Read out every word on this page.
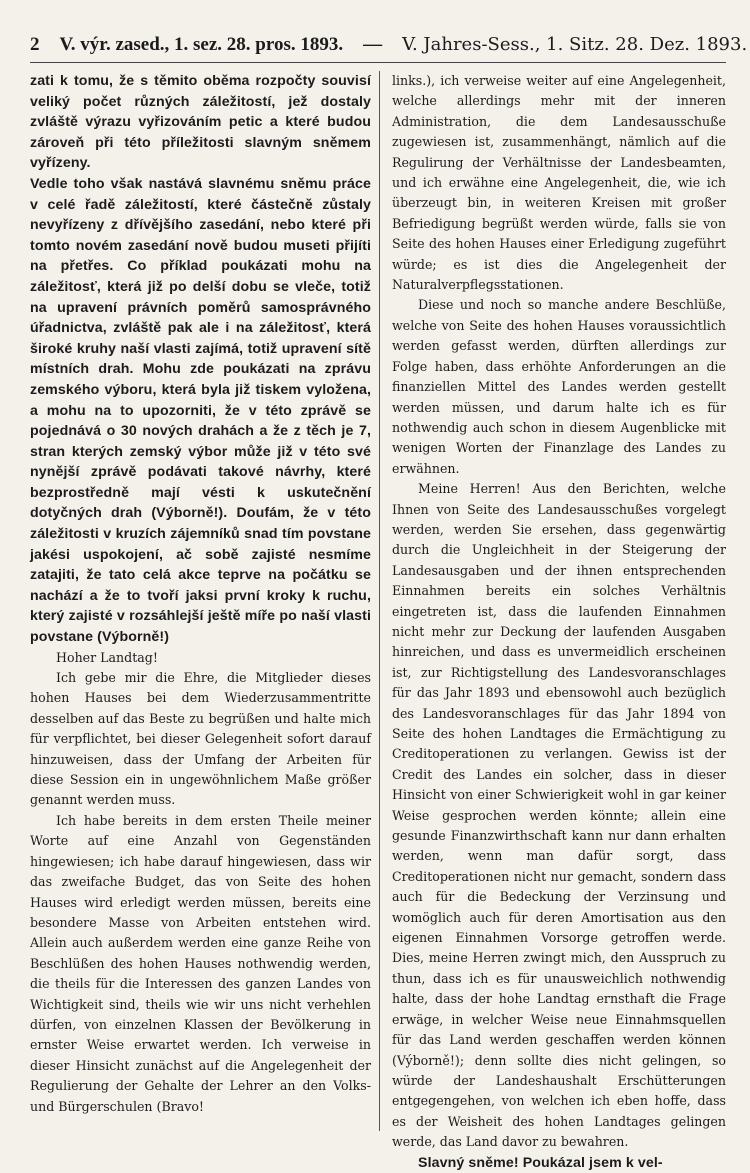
2 V. výr. zased., 1. sez. 28. pros. 1893. — V. Jahres-Sess., 1. Sitz. 28. Dez. 1893.

zati k tomu, že s těmito oběma rozpočty souvisí veliký počet různých záležitostí, jež dostaly zvláště výrazu vyřizováním petic a které budou zároveň při této příležitosti slavným sněmem vyřízeny.

Vedle toho však nastává slavnému sněmu práce v celé řadě záležitostí, které částečně zůstaly nevyřízeny z dřívějšího zasedání, nebo které při tomto novém zasedání nově budou museti přijíti na přetřes. Co příklad poukázati mohu na záležitosť, která již po delší dobu se vleče, totiž na upravení právních poměrů samosprávného úřadnictva, zvláště pak ale i na záležitosť, která široké kruhy naší vlasti zajímá, totiž upravení sítě místních drah. Mohu zde poukázati na zprávu zemského výboru, která byla již tiskem vyložena, a mohu na to upozorniti, že v této zprávě se pojednává o 30 nových drahách a že z těch je 7, stran kterých zemský výbor může již v této své nynější zprávě podávati takové návrhy, které bezprostředně mají vésti k uskutečnění dotyčných drah (Výborně!). Doufám, že v této záležitosti v kruzích zájemníků snad tím povstane jakési uspokojení, ač sobě zajisté nesmíme zatajiti, že tato celá akce teprve na počátku se nachází a že to tvoří jaksi první kroky k ruchu, který zajisté v rozsáhlejší ještě míře po naší vlasti povstane (Výborně!)

Hoher Landtag!

Ich gebe mir die Ehre, die Mitglieder dieses hohen Hauses bei dem Wiederzusammentritte desselben auf das Beste zu begrüßen und halte mich für verpflichtet, bei dieser Gelegenheit sofort darauf hinzuweisen, dass der Umfang der Arbeiten für diese Session ein in ungewöhnlichem Maße größer genannt werden muss.

Ich habe bereits in dem ersten Theile meiner Worte auf eine Anzahl von Gegenständen hingewiesen; ich habe darauf hingewiesen, dass wir das zweifache Budget, das von Seite des hohen Hauses wird erledigt werden müssen, bereits eine besondere Masse von Arbeiten entstehen wird. Allein auch außerdem werden eine ganze Reihe von Beschlüßen des hohen Hauses nothwendig werden, die theils für die Interessen des ganzen Landes von Wichtigkeit sind, theils wie wir uns nicht verhehlen dürfen, von einzelnen Klassen der Bevölkerung in ernster Weise erwartet werden. Ich verweise in dieser Hinsicht zunächst auf die Angelegenheit der Regulierung der Gehalte der Lehrer an den Volks- und Bürgerschulen (Bravo!

links.), ich verweise weiter auf eine Angelegenheit, welche allerdings mehr mit der inneren Administration, die dem Landesausschuße zugewiesen ist, zusammenhängt, nämlich auf die Regulirung der Verhältnisse der Landesbeamten, und ich erwähne eine Angelegenheit, die, wie ich überzeugt bin, in weiteren Kreisen mit großer Befriedigung begrüßt werden würde, falls sie von Seite des hohen Hauses einer Erledigung zugeführt würde; es ist dies die Angelegenheit der Naturalverpflegsstationen.

Diese und noch so manche andere Beschlüße, welche von Seite des hohen Hauses voraussichtlich werden gefasst werden, dürften allerdings zur Folge haben, dass erhöhte Anforderungen an die finanziellen Mittel des Landes werden gestellt werden müssen, und darum halte ich es für nothwendig auch schon in diesem Augenblicke mit wenigen Worten der Finanzlage des Landes zu erwähnen.

Meine Herren! Aus den Berichten, welche Ihnen von Seite des Landesausschußes vorgelegt werden, werden Sie ersehen, dass gegenwärtig durch die Ungleichheit in der Steigerung der Landesausgaben und der ihnen entsprechenden Einnahmen bereits ein solches Verhältnis eingetreten ist, dass die laufenden Einnahmen nicht mehr zur Deckung der laufenden Ausgaben hinreichen, und dass es unvermeidlich erscheinen ist, zur Richtigstellung des Landesvoranschlages für das Jahr 1893 und ebensowohl auch bezüglich des Landesvoranschlages für das Jahr 1894 von Seite des hohen Landtages die Ermächtigung zu Creditoperationen zu verlangen. Gewiss ist der Credit des Landes ein solcher, dass in dieser Hinsicht von einer Schwierigkeit wohl in gar keiner Weise gesprochen werden könnte; allein eine gesunde Finanzwirthschaft kann nur dann erhalten werden, wenn man dafür sorgt, dass Creditoperationen nicht nur gemacht, sondern dass auch für die Bedeckung der Verzinsung und womöglich auch für deren Amortisation aus den eigenen Einnahmen Vorsorge getroffen werde. Dies, meine Herren zwingt mich, den Ausspruch zu thun, dass ich es für unausweichlich nothwendig halte, dass der hohe Landtag ernsthaft die Frage erwäge, in welcher Weise neue Einnahmsquellen für das Land werden geschaffen werden können (Výborně!); denn sollte dies nicht gelingen, so würde der Landeshaushalt Erschütterungen entgegengehen, von welchen ich eben hoffe, dass es der Weisheit des hohen Landtages gelingen werde, das Land davor zu bewahren.

Slavný sněme! Poukázal jsem k vel-
